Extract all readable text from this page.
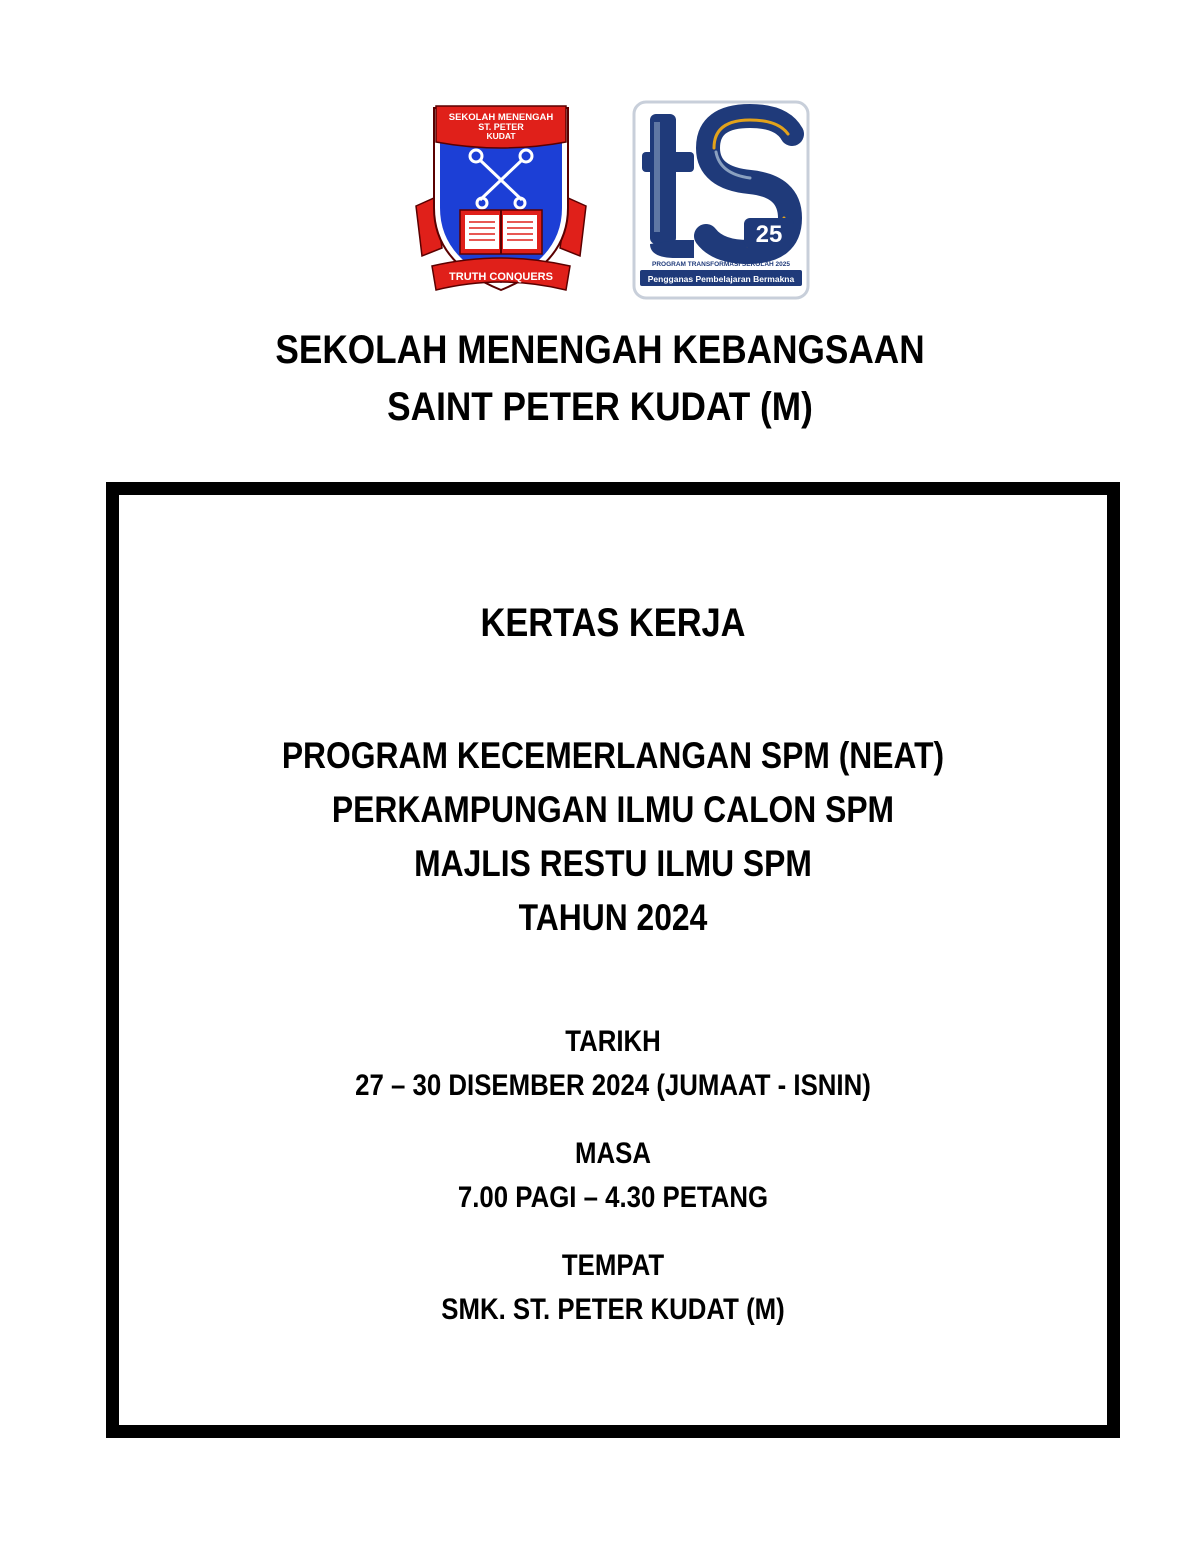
SEKOLAH MENENGAH
ST. PETER
KUDAT
TRUTH CONQUERS
25
PROGRAM TRANSFORMASI SEKOLAH 2025
Pengganas Pembelajaran Bermakna
SEKOLAH MENENGAH KEBANGSAAN
SAINT PETER KUDAT (M)
KERTAS KERJA
PROGRAM KECEMERLANGAN SPM (NEAT)
PERKAMPUNGAN ILMU CALON SPM
MAJLIS RESTU ILMU SPM
TAHUN 2024
TARIKH
27 – 30 DISEMBER 2024 (JUMAAT - ISNIN)
MASA
7.00 PAGI – 4.30 PETANG
TEMPAT
SMK. ST. PETER KUDAT (M)
